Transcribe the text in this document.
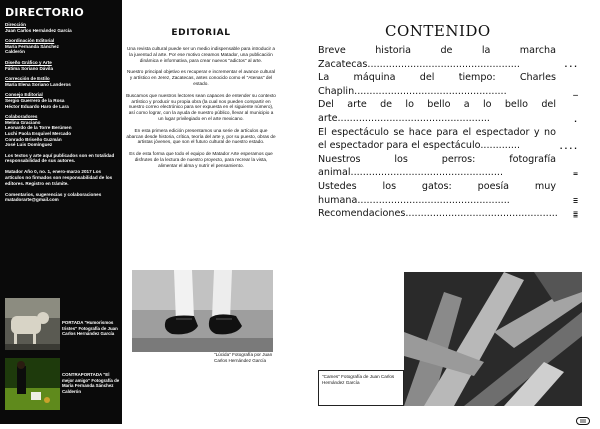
DIRECTORIO
Dirección
Juan Carlos Hernández García
Coordinación Editorial
María Fernanda Sánchez
Calderón
Diseño Gráfico y Arte
Fátima Soriano Dávila
Corrección de Estilo
María Elena Soriano Landeros
Consejo Editorial
Sergio Guerrero de la Rosa
Héctor Eduardo Haro de Lara
Colaboradores
Melina Graciano
Leonardo de la Torre Berúmen
Luchi Paola Esquivel Mercado
Conrado Briseño Guzmán
José Luis Domínguez
Los textos y arte aquí publicados son en totalidad responsabilidad de sus autores.
Matador Año 0, no. 1, enero-marzo 2017 Los artículos no firmados son responsabilidad de los editores. Registro en trámite.
Comentarios, sugerencias y colaboraciones matadorarte@gmail.com
PORTADA "Humorismos tristes" Fotografía de Juan Carlos Hernández García
CONTRAPORTADA "El mejor amigo" Fotografía de María Fernanda Sánchez Calderón
EDITORIAL

Una revista cultural puede ser un medio indispensable para introducir a la juventud al arte. Por ese motivo creamos Matador, una publicación dinámica e informativa, para crear nuevos "adictos" al arte.

Nuestro principal objetivo es recuperar e incrementar el avance cultural y artístico en Jerez, Zacatecas, antes conocido como el "Atenas" del estado.

Buscamos que nuestros lectores sean capaces de entender su contexto artístico y producir su propia obra (la cual nos pueden compartir en nuestro correo electrónico para ser expuesta en el siguiente número), así como lograr, con la ayuda de nuestro público, llevar al municipio a un lugar privilegiado en el arte mexicano.

En esta primera edición presentamos una serie de artículos que abarcan desde historia, crítica, teoría del arte y, por su puesto, obras de artistas jóvenes, que son el futuro cultural de nuestro estado.

Es de esta forma que todo el equipo de Matador Arte esperamos que disfrutes de la lectura de nuestro proyecto, para recrear la vista, alimentar el alma y nutrir el pensamiento.

"Lúcida" Fotografía por Juan Carlos Hernández García
CONTENIDO
Breve historia de la marcha Zacatecas..................................................	...
La máquina del tiempo: Charles Chaplin..................................................	_
Del arte de lo bello a lo bello del arte..................................................	.
El espectáculo se hace para el espectador y no el espectador para el espectáculo.............	....
Nuestros los perros: fotografía animal..................................................	=
Ustedes los gatos: poesía muy humana..................................................	≡
Recomendaciones.................................................. ≣
"Cames" Fotografía de Juan Carlos Hernández García
